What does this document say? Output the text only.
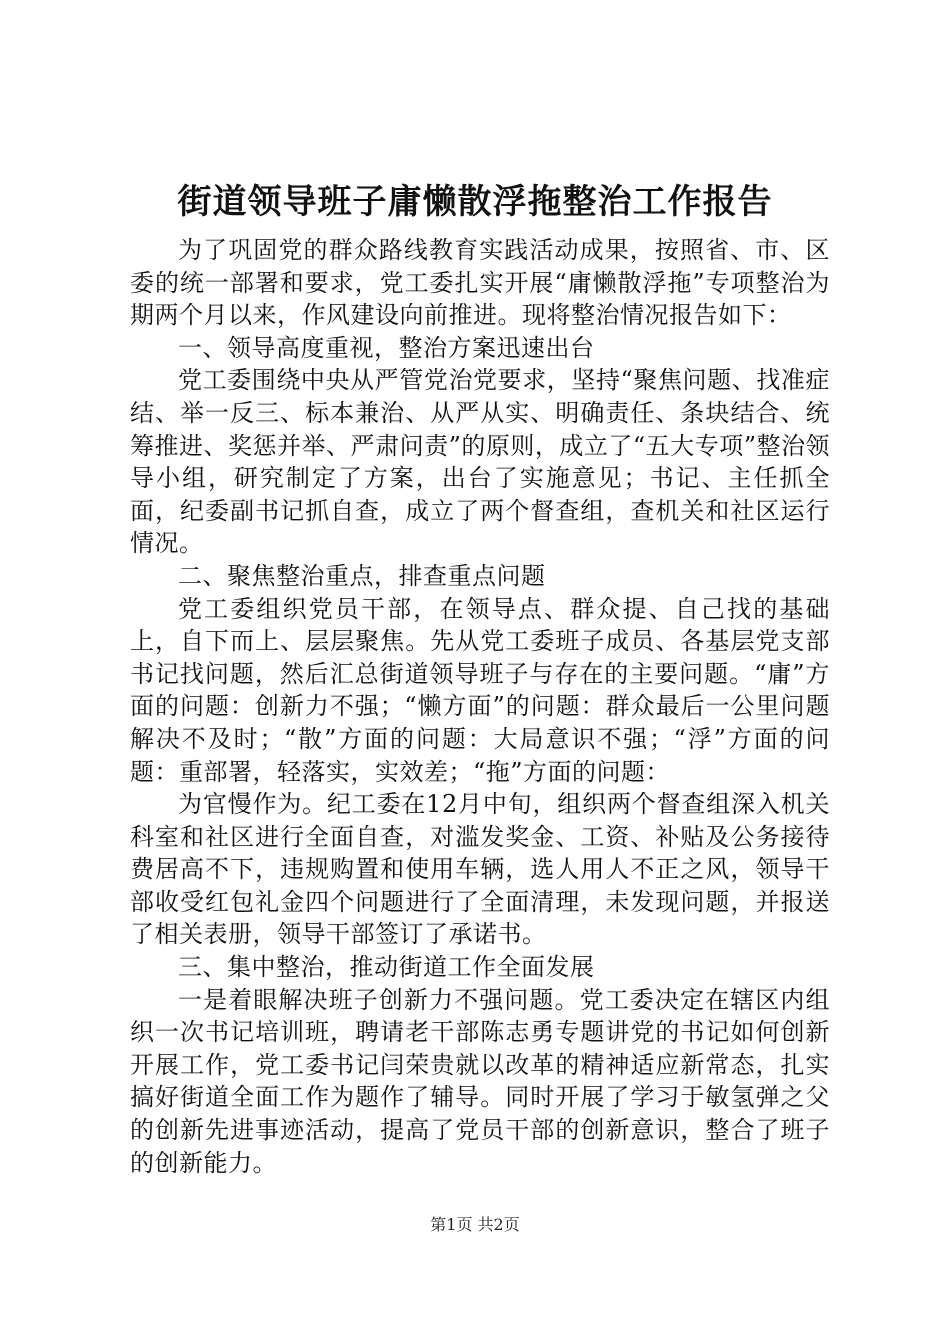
街道领导班子庸懒散浮拖整治工作报告

为了巩固党的群众路线教育实践活动成果，按照省、市、区委的统一部署和要求，党工委扎实开展“庸懒散浮拖”专项整治为期两个月以来，作风建设向前推进。现将整治情况报告如下：

一、领导高度重视，整治方案迅速出台

党工委围绕中央从严管党治党要求，坚持“聚焦问题、找准症结、举一反三、标本兼治、从严从实、明确责任、条块结合、统筹推进、奖惩并举、严肃问责”的原则，成立了“五大专项”整治领导小组，研究制定了方案，出台了实施意见；书记、主任抓全面，纪委副书记抓自查，成立了两个督查组，查机关和社区运行情况。

二、聚焦整治重点，排查重点问题

党工委组织党员干部，在领导点、群众提、自己找的基础上，自下而上、层层聚焦。先从党工委班子成员、各基层党支部书记找问题，然后汇总街道领导班子与存在的主要问题。“庸”方面的问题：创新力不强；“懒方面”的问题：群众最后一公里问题解决不及时；“散”方面的问题：大局意识不强；“浮”方面的问题：重部署，轻落实，实效差；“拖”方面的问题：

为官慢作为。纪工委在12月中旬，组织两个督查组深入机关科室和社区进行全面自查，对滥发奖金、工资、补贴及公务接待费居高不下，违规购置和使用车辆，选人用人不正之风，领导干部收受红包礼金四个问题进行了全面清理，未发现问题，并报送了相关表册，领导干部签订了承诺书。

三、集中整治，推动街道工作全面发展

一是着眼解决班子创新力不强问题。党工委决定在辖区内组织一次书记培训班，聘请老干部陈志勇专题讲党的书记如何创新开展工作，党工委书记闫荣贵就以改革的精神适应新常态，扎实搞好街道全面工作为题作了辅导。同时开展了学习于敏氢弹之父的创新先进事迹活动，提高了党员干部的创新意识，整合了班子的创新能力。

第1页 共2页
